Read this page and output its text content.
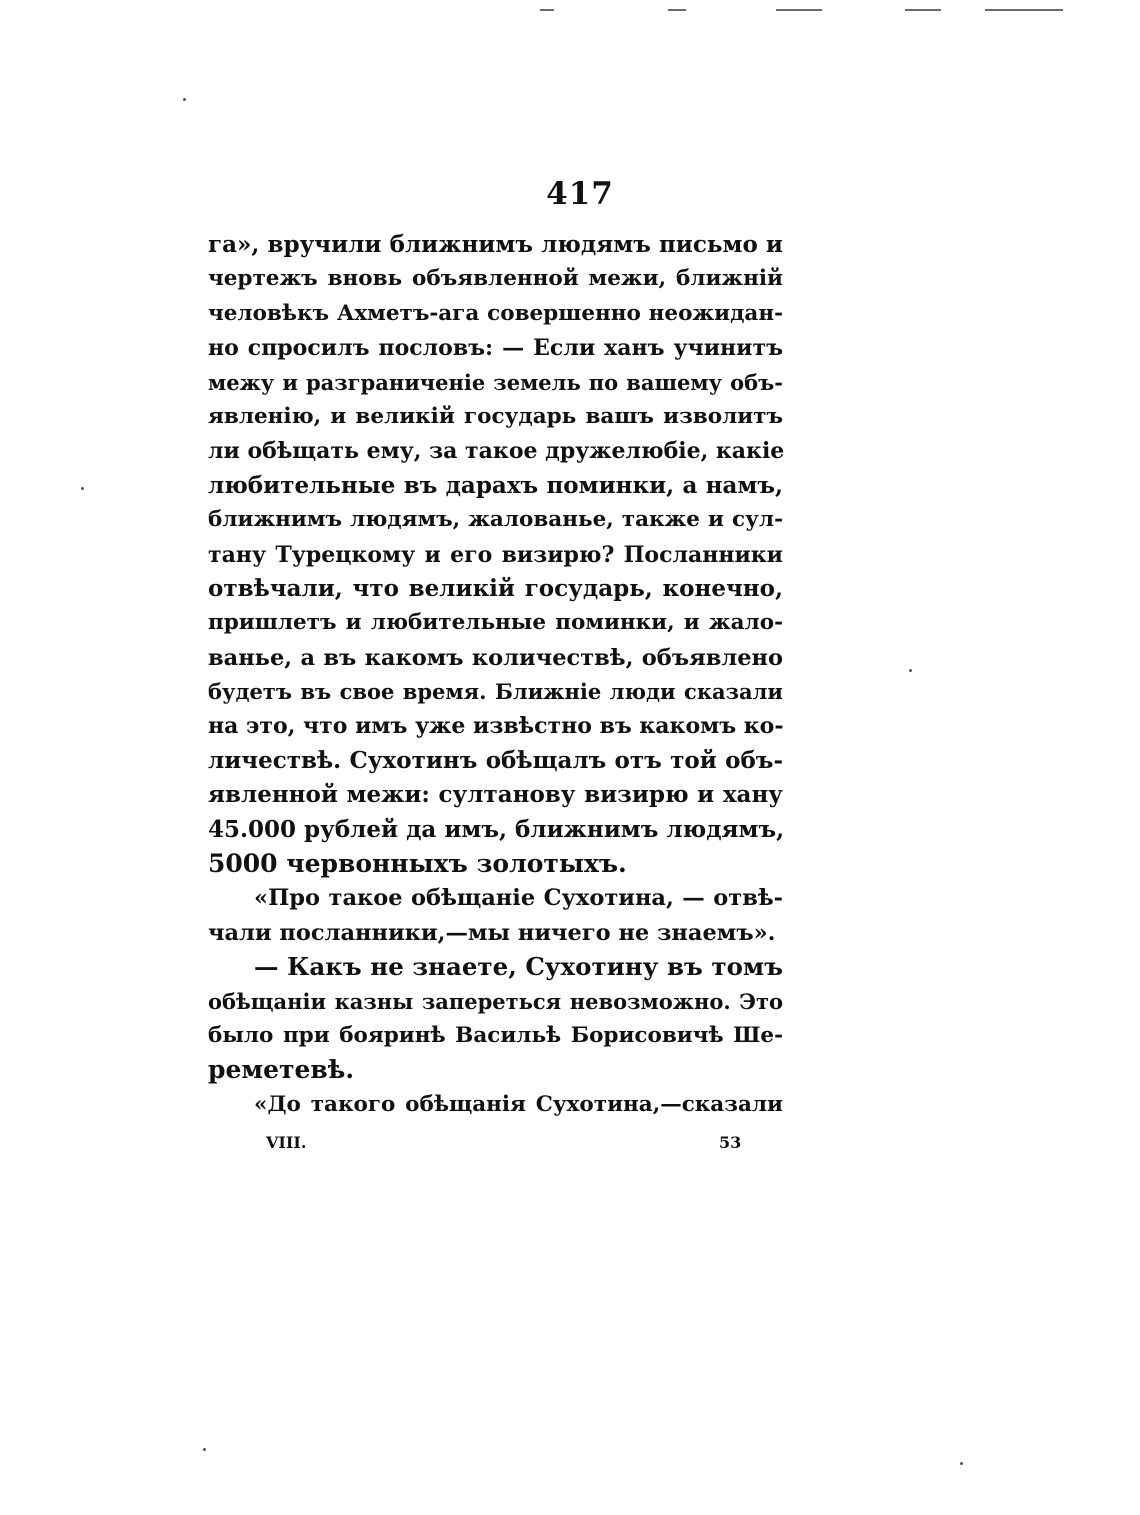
417
га», вручили ближнимъ людямъ письмо и
чертежъ вновь объявленной межи, ближній
человѣкъ Ахметъ-ага совершенно неожидан-
но спросилъ пословъ: — Если ханъ учинитъ
межу и разграниченіе земель по вашему объ-
явленію, и великій государь вашъ изволитъ
ли обѣщать ему, за такое дружелюбіе, какіе
любительные въ дарахъ поминки, а намъ,
ближнимъ людямъ, жалованье, также и сул-
тану Турецкому и его визирю? Посланники
отвѣчали, что великій государь, конечно,
пришлетъ и любительные поминки, и жало-
ванье, а въ какомъ количествѣ, объявлено
будетъ въ свое время. Ближніе люди сказали
на это, что имъ уже извѣстно въ какомъ ко-
личествѣ. Сухотинъ обѣщалъ отъ той объ-
явленной межи: султанову визирю и хану
45.000 рублей да имъ, ближнимъ людямъ,
5000 червонныхъ золотыхъ.
«Про такое обѣщаніе Сухотина, — отвѣ-
чали посланники,—мы ничего не знаемъ».
— Какъ не знаете, Сухотину въ томъ
обѣщаніи казны запереться невозможно. Это
было при бояринѣ Васильѣ Борисовичѣ Ше-
реметевѣ.
«До такого обѣщанія Сухотина,—сказали
VIII.	53
